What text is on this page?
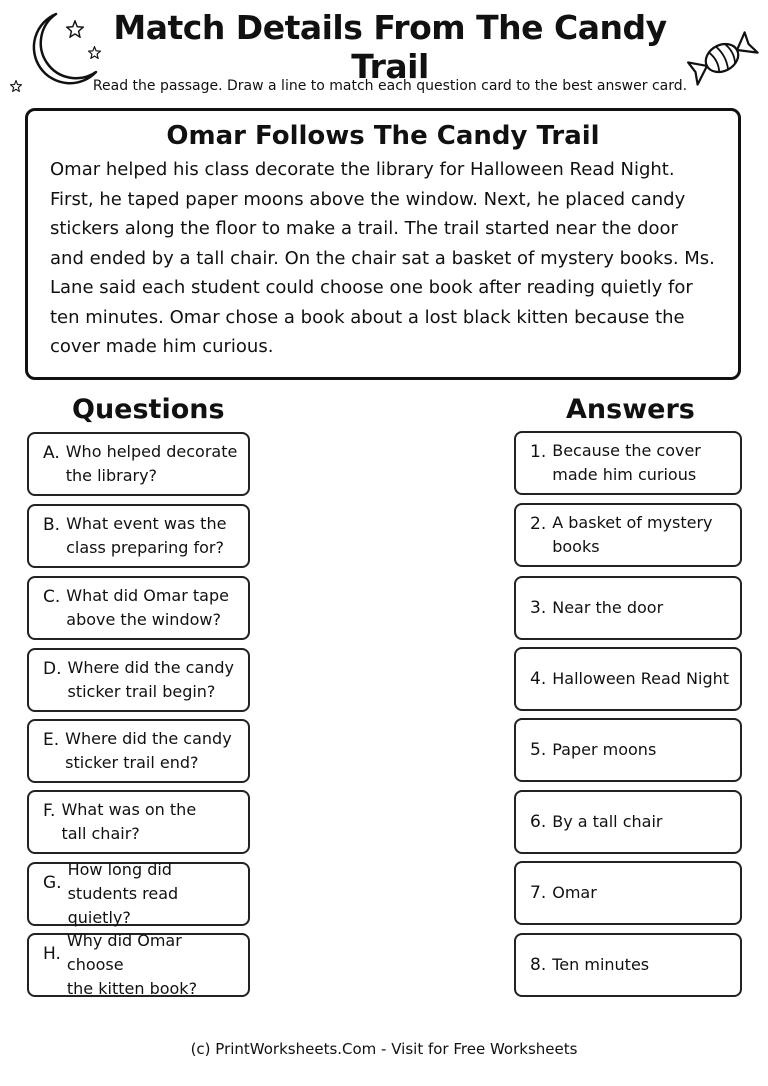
Match Details From The Candy Trail
Read the passage. Draw a line to match each question card to the best answer card.
Omar Follows The Candy Trail

Omar helped his class decorate the library for Halloween Read Night. First, he taped paper moons above the window. Next, he placed candy stickers along the floor to make a trail. The trail started near the door and ended by a tall chair. On the chair sat a basket of mystery books. Ms. Lane said each student could choose one book after reading quietly for ten minutes. Omar chose a book about a lost black kitten because the cover made him curious.

Questions	Answers
A. Who helped decorate
the library?
B. What event was the
class preparing for?
C. What did Omar tape
above the window?
D. Where did the candy
sticker trail begin?
E. Where did the candy
sticker trail end?
F. What was on the
tall chair?
G.
How long did
students read quietly?
H.
Why did Omar choose
the kitten book?
1. Because the cover
made him curious
2. A basket of mystery
books
3. Near the door
4. Halloween Read Night
5. Paper moons
6. By a tall chair
7. Omar
8. Ten minutes
(c) PrintWorksheets.Com - Visit for Free Worksheets
